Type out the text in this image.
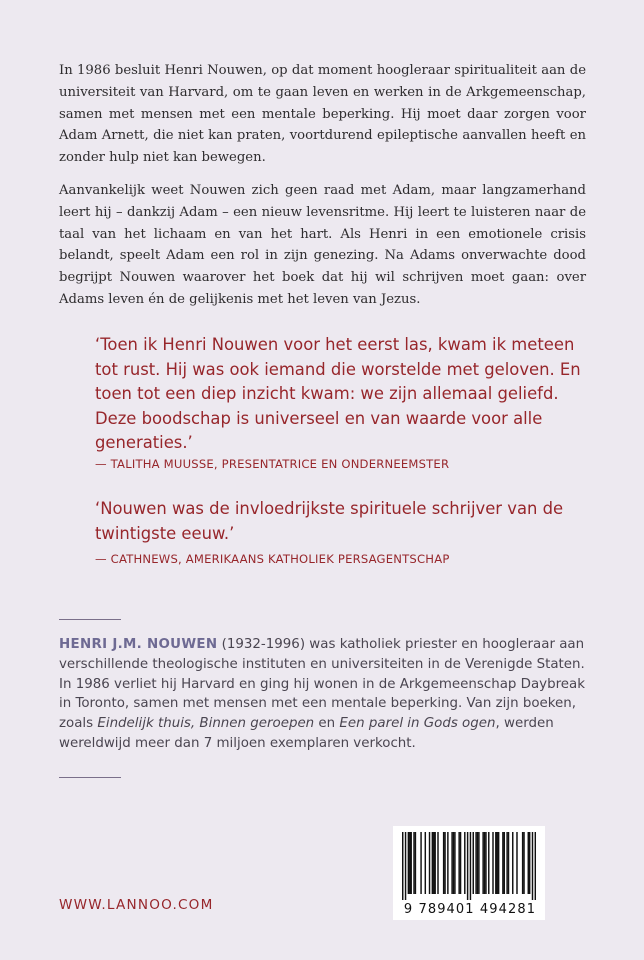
In 1986 besluit Henri Nouwen, op dat moment hoogleraar spiritualiteit aan de universiteit van Harvard, om te gaan leven en werken in de Arkgemeenschap, samen met mensen met een mentale beperking. Hij moet daar zorgen voor Adam Arnett, die niet kan praten, voortdurend epileptische aanvallen heeft en zonder hulp niet kan bewegen.

Aanvankelijk weet Nouwen zich geen raad met Adam, maar langzamerhand leert hij – dankzij Adam – een nieuw levensritme. Hij leert te luisteren naar de taal van het lichaam en van het hart. Als Henri in een emotionele crisis belandt, speelt Adam een rol in zijn genezing. Na Adams onverwachte dood begrijpt Nouwen waarover het boek dat hij wil schrijven moet gaan: over Adams leven én de gelijkenis met het leven van Jezus.

‘Toen ik Henri Nouwen voor het eerst las, kwam ik meteen tot rust. Hij was ook iemand die worstelde met geloven. En toen tot een diep inzicht kwam: we zijn allemaal geliefd. Deze boodschap is universeel en van waarde voor alle generaties.’

— TALITHA MUUSSE, PRESENTATRICE EN ONDERNEEMSTER

‘Nouwen was de invloedrijkste spirituele schrijver van de twintigste eeuw.’

— CATHNEWS, AMERIKAANS KATHOLIEK PERSAGENTSCHAP

HENRI J.M. NOUWEN (1932-1996) was katholiek priester en hoogleraar aan verschillende theologische instituten en universiteiten in de Verenigde Staten. In 1986 verliet hij Harvard en ging hij wonen in de Arkgemeenschap Daybreak in Toronto, samen met mensen met een mentale beperking. Van zijn boeken, zoals Eindelijk thuis, Binnen geroepen en Een parel in Gods ogen, werden wereldwijd meer dan 7 miljoen exemplaren verkocht.

WWW.LANNOO.COM	9 789401 494281
